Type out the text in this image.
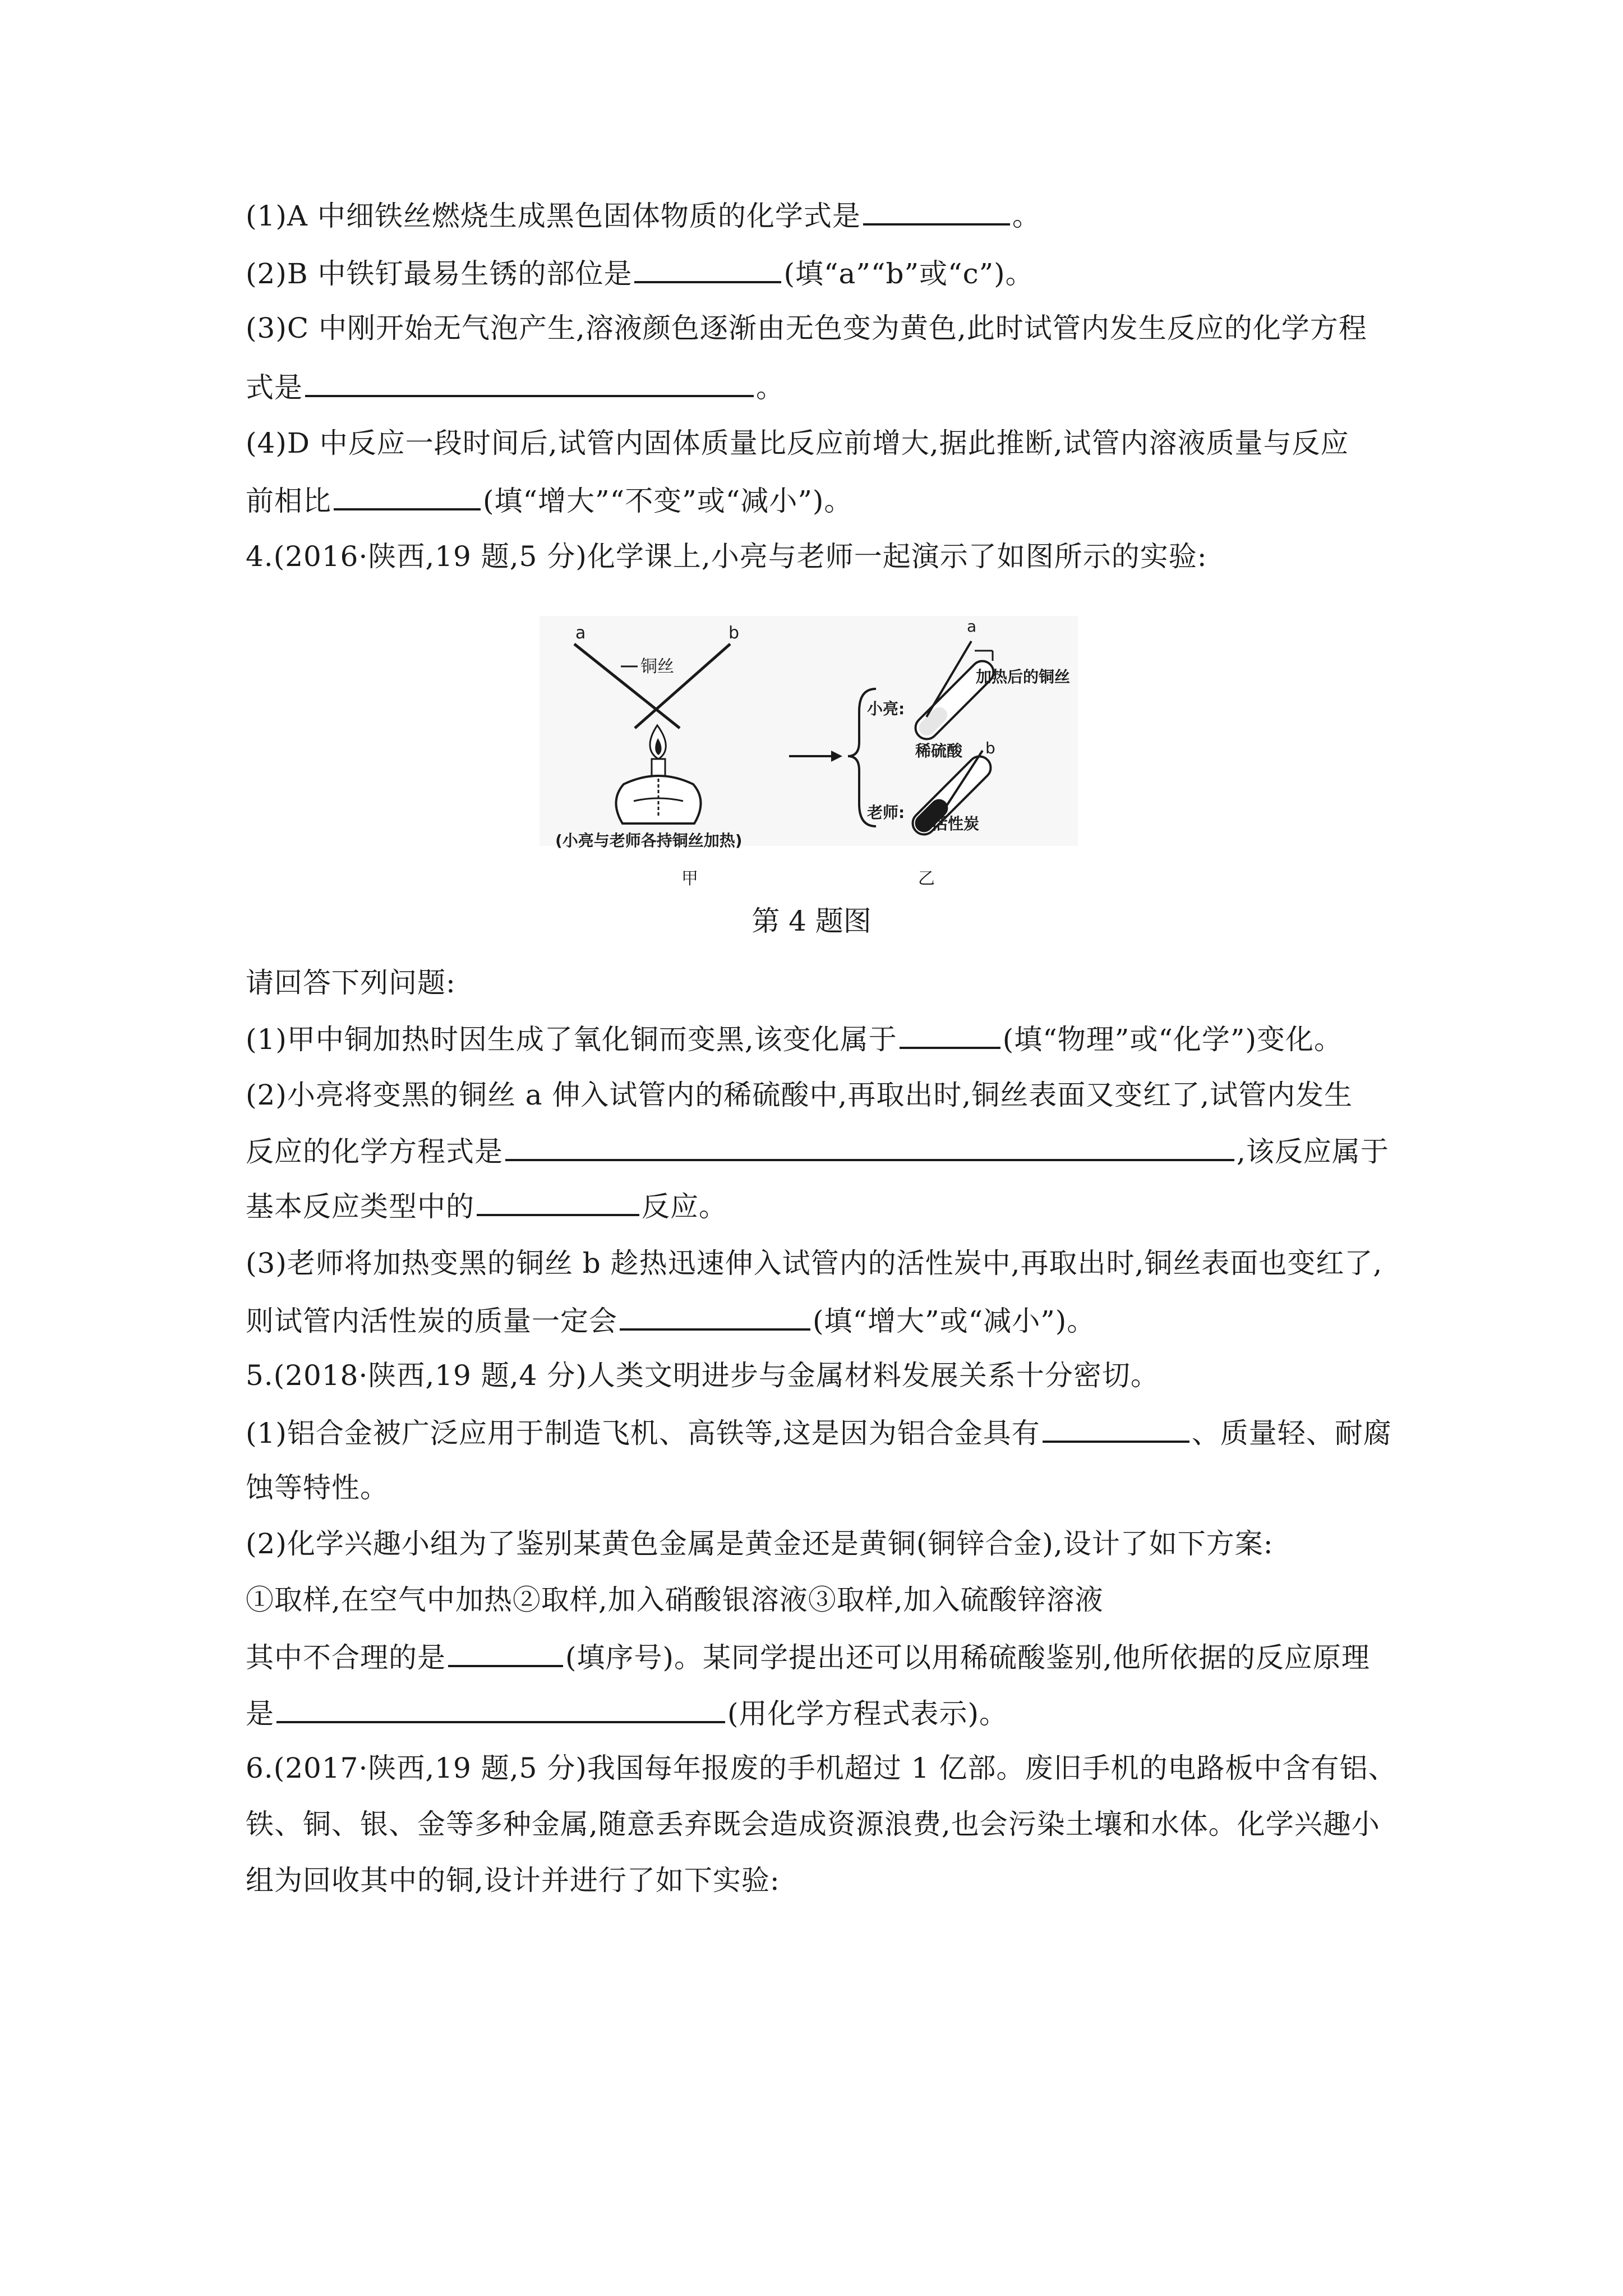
(1)A 中细铁丝燃烧生成黑色固体物质的化学式是	。
(2)B 中铁钉最易生锈的部位是	(填“a”“b”或“c”)。
(3)C 中刚开始无气泡产生,溶液颜色逐渐由无色变为黄色,此时试管内发生反应的化学方程
式是	。
(4)D 中反应一段时间后,试管内固体质量比反应前增大,据此推断,试管内溶液质量与反应
前相比	(填“增大”“不变”或“减小”)。
4.(2016·陕西,19 题,5 分)化学课上,小亮与老师一起演示了如图所示的实验:
a	b
铜丝
(小亮与老师各持铜丝加热)
甲
小亮:
老师:
a
加热后的铜丝
稀硫酸 b
活性炭
乙
第 4 题图
请回答下列问题:
(1)甲中铜加热时因生成了氧化铜而变黑,该变化属于	(填“物理”或“化学”)变化。
(2)小亮将变黑的铜丝 a 伸入试管内的稀硫酸中,再取出时,铜丝表面又变红了,试管内发生
反应的化学方程式是	,该反应属于
基本反应类型中的	反应。
(3)老师将加热变黑的铜丝 b 趁热迅速伸入试管内的活性炭中,再取出时,铜丝表面也变红了,
则试管内活性炭的质量一定会	(填“增大”或“减小”)。
5.(2018·陕西,19 题,4 分)人类文明进步与金属材料发展关系十分密切。
(1)铝合金被广泛应用于制造飞机、高铁等,这是因为铝合金具有	、质量轻、耐腐
蚀等特性。
(2)化学兴趣小组为了鉴别某黄色金属是黄金还是黄铜(铜锌合金),设计了如下方案:
①取样,在空气中加热②取样,加入硝酸银溶液③取样,加入硫酸锌溶液
其中不合理的是	(填序号)。某同学提出还可以用稀硫酸鉴别,他所依据的反应原理
是	(用化学方程式表示)。
6.(2017·陕西,19 题,5 分)我国每年报废的手机超过 1 亿部。废旧手机的电路板中含有铝、
铁、铜、银、金等多种金属,随意丢弃既会造成资源浪费,也会污染土壤和水体。化学兴趣小
组为回收其中的铜,设计并进行了如下实验:
